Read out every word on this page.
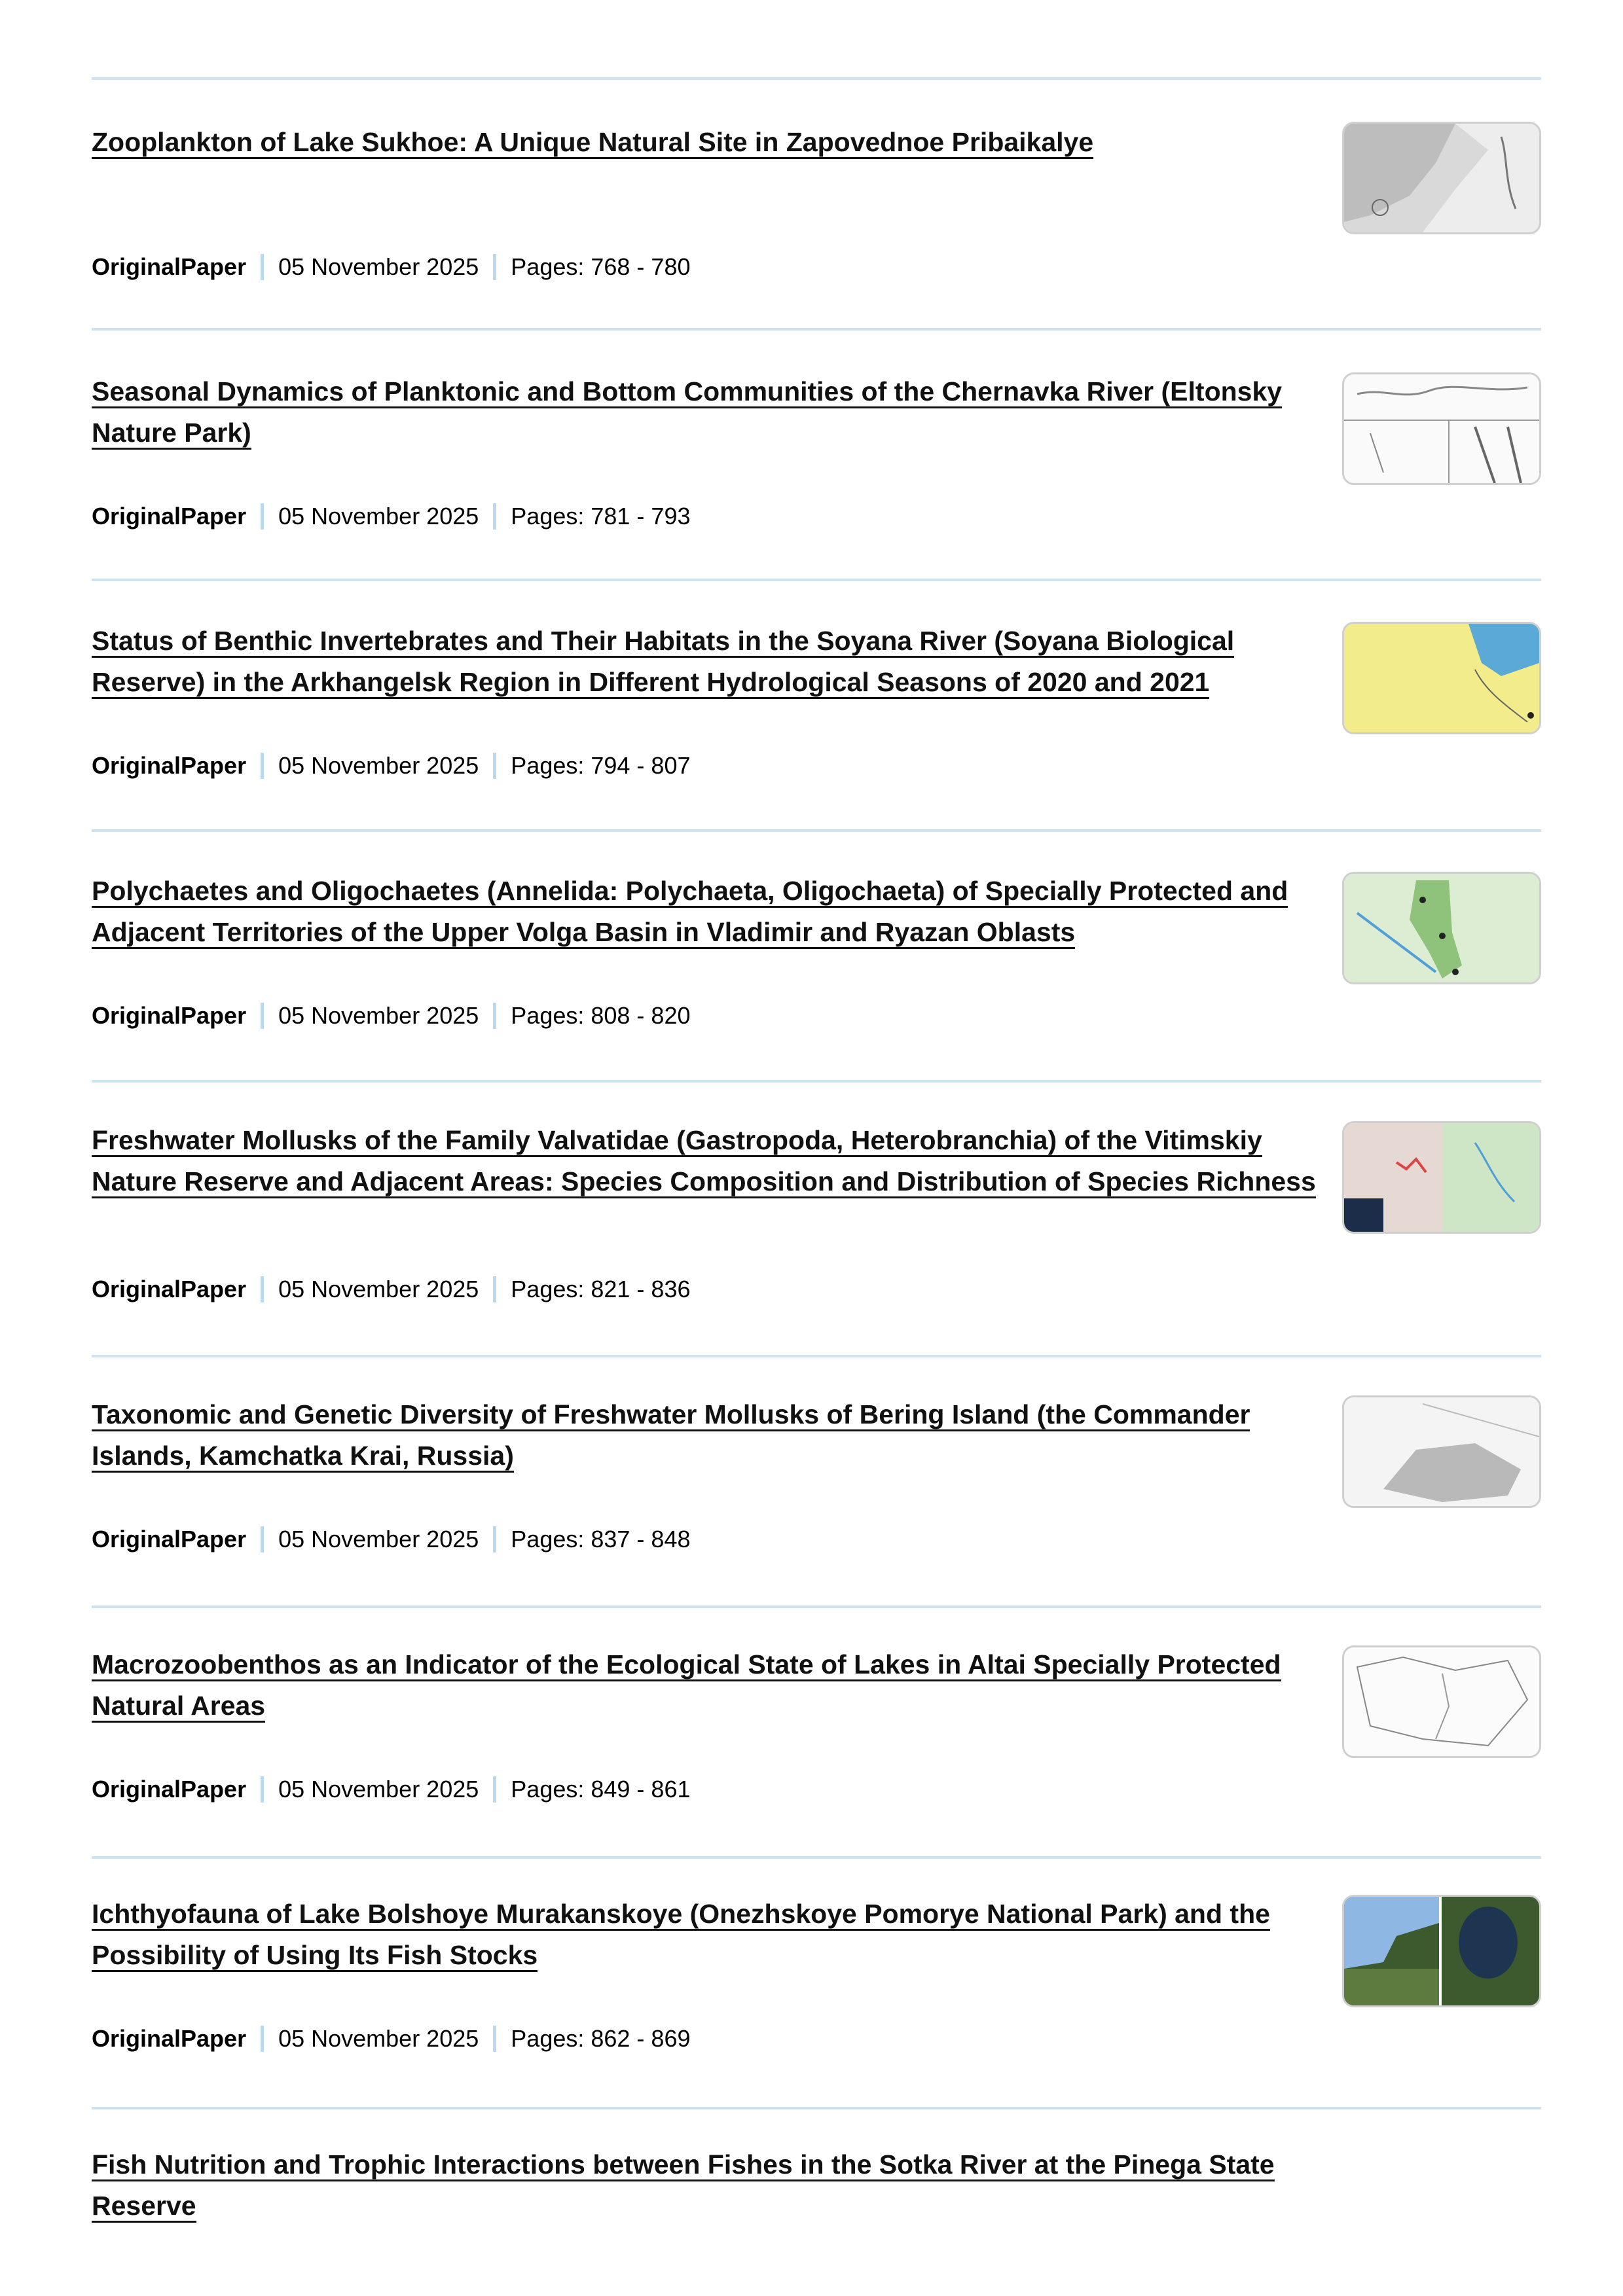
Zooplankton of Lake Sukhoe: A Unique Natural Site in Zapovednoe Pribaikalye
OriginalPaper 05 November 2025 Pages: 768 - 780
Seasonal Dynamics of Planktonic and Bottom Communities of the Chernavka River (Eltonsky Nature Park)
OriginalPaper 05 November 2025 Pages: 781 - 793
Status of Benthic Invertebrates and Their Habitats in the Soyana River (Soyana Biological Reserve) in the Arkhangelsk Region in Different Hydrological Seasons of 2020 and 2021
OriginalPaper 05 November 2025 Pages: 794 - 807
Polychaetes and Oligochaetes (Annelida: Polychaeta, Oligochaeta) of Specially Protected and Adjacent Territories of the Upper Volga Basin in Vladimir and Ryazan Oblasts
OriginalPaper 05 November 2025 Pages: 808 - 820
Freshwater Mollusks of the Family Valvatidae (Gastropoda, Heterobranchia) of the Vitimskiy Nature Reserve and Adjacent Areas: Species Composition and Distribution of Species Richness
OriginalPaper 05 November 2025 Pages: 821 - 836
Taxonomic and Genetic Diversity of Freshwater Mollusks of Bering Island (the Commander Islands, Kamchatka Krai, Russia)
OriginalPaper 05 November 2025 Pages: 837 - 848
Macrozoobenthos as an Indicator of the Ecological State of Lakes in Altai Specially Protected Natural Areas
OriginalPaper 05 November 2025 Pages: 849 - 861
Ichthyofauna of Lake Bolshoye Murakanskoye (Onezhskoye Pomorye National Park) and the Possibility of Using Its Fish Stocks
OriginalPaper 05 November 2025 Pages: 862 - 869
Fish Nutrition and Trophic Interactions between Fishes in the Sotka River at the Pinega State Reserve
